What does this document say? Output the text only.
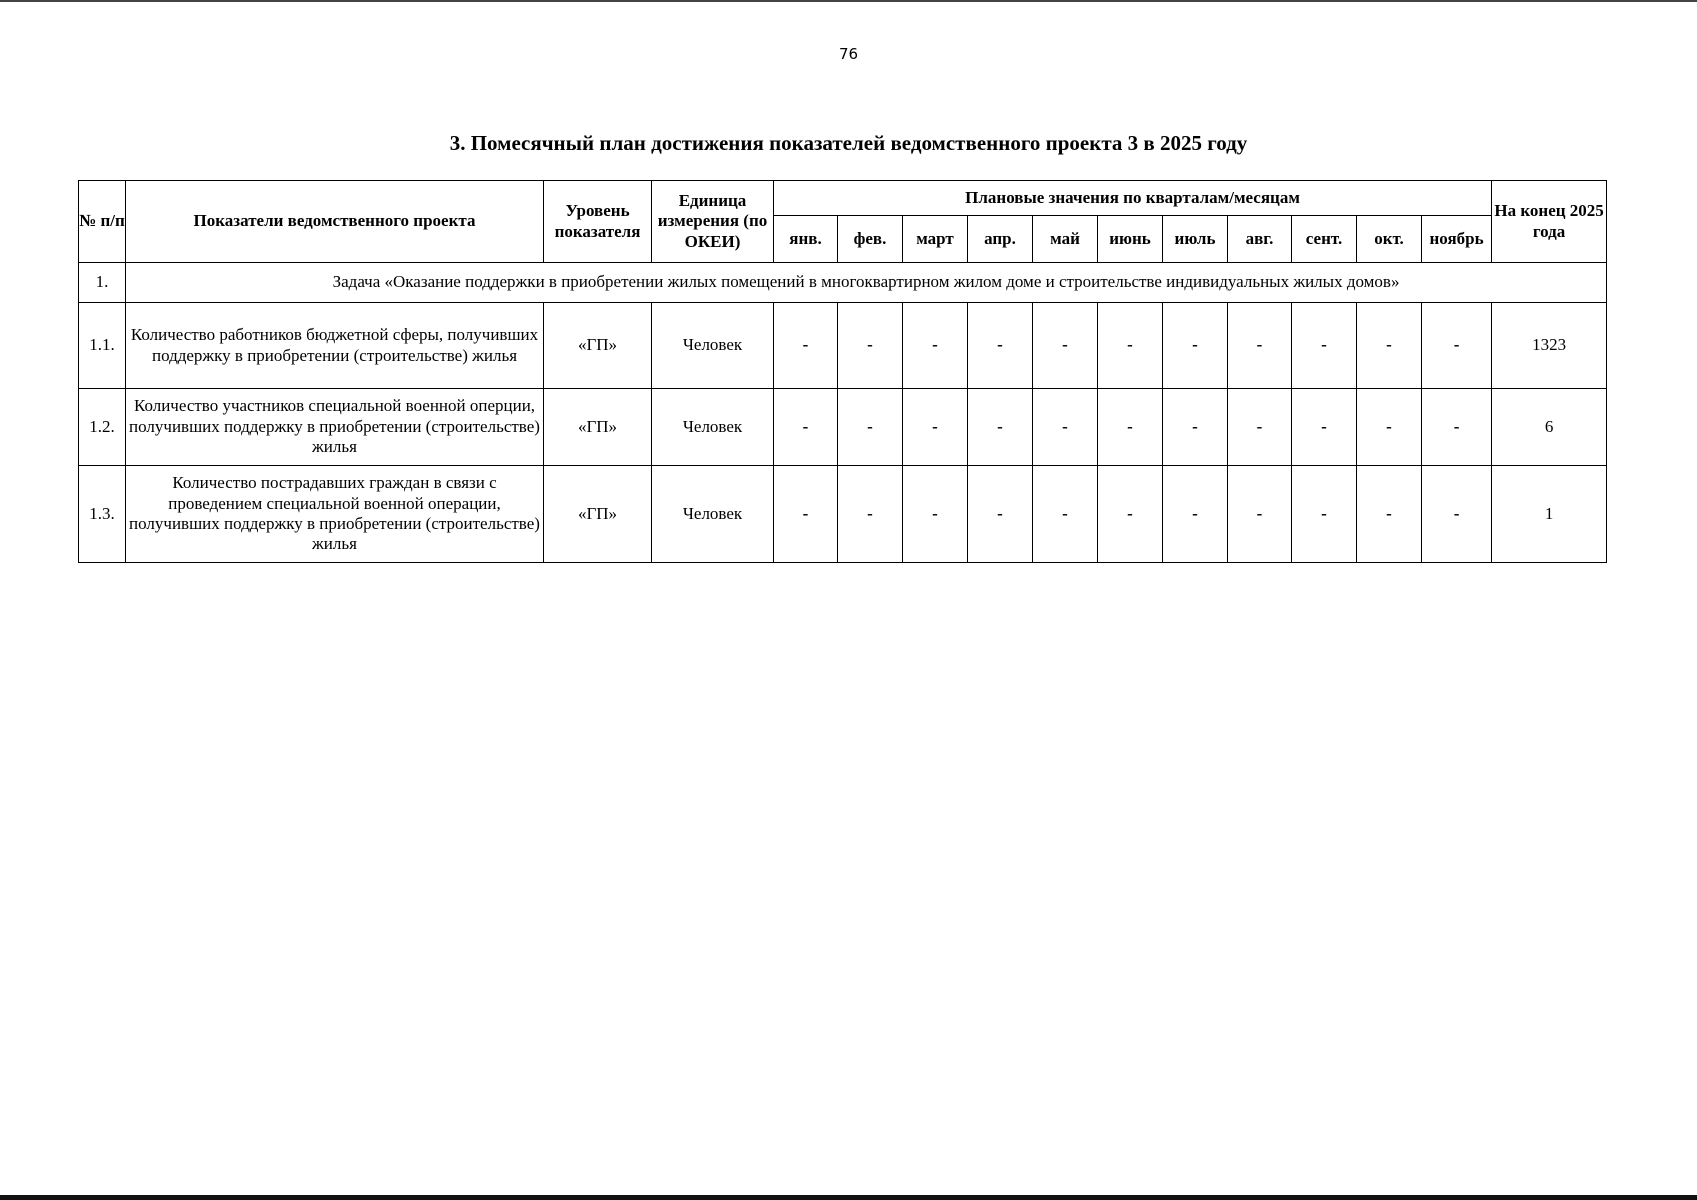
76
3. Помесячный план достижения показателей ведомственного проекта 3 в 2025 году
№ п/п	Показатели ведомственного проекта	Уровень показателя	Единица измерения (по ОКЕИ)	Плановые значения по кварталам/месяцам											На конец 2025 года
				янв.	фев.	март	апр.	май	июнь	июль	авг.	сент.	окт.	ноябрь	
1.	Задача «Оказание поддержки в приобретении жилых помещений в многоквартирном жилом доме и строительстве индивидуальных жилых домов»														
1.1.	Количество работников бюджетной сферы, получивших поддержку в приобретении (строительстве) жилья	«ГП»	Человек	-	-	-	-	-	-	-	-	-	-	-	1323
1.2.	Количество участников специальной военной оперции, получивших поддержку в приобретении (строительстве) жилья	«ГП»	Человек	-	-	-	-	-	-	-	-	-	-	-	6
1.3.	Количество пострадавших граждан в связи с проведением специальной военной операции, получивших поддержку в приобретении (строительстве) жилья	«ГП»	Человек	-	-	-	-	-	-	-	-	-	-	-	1
